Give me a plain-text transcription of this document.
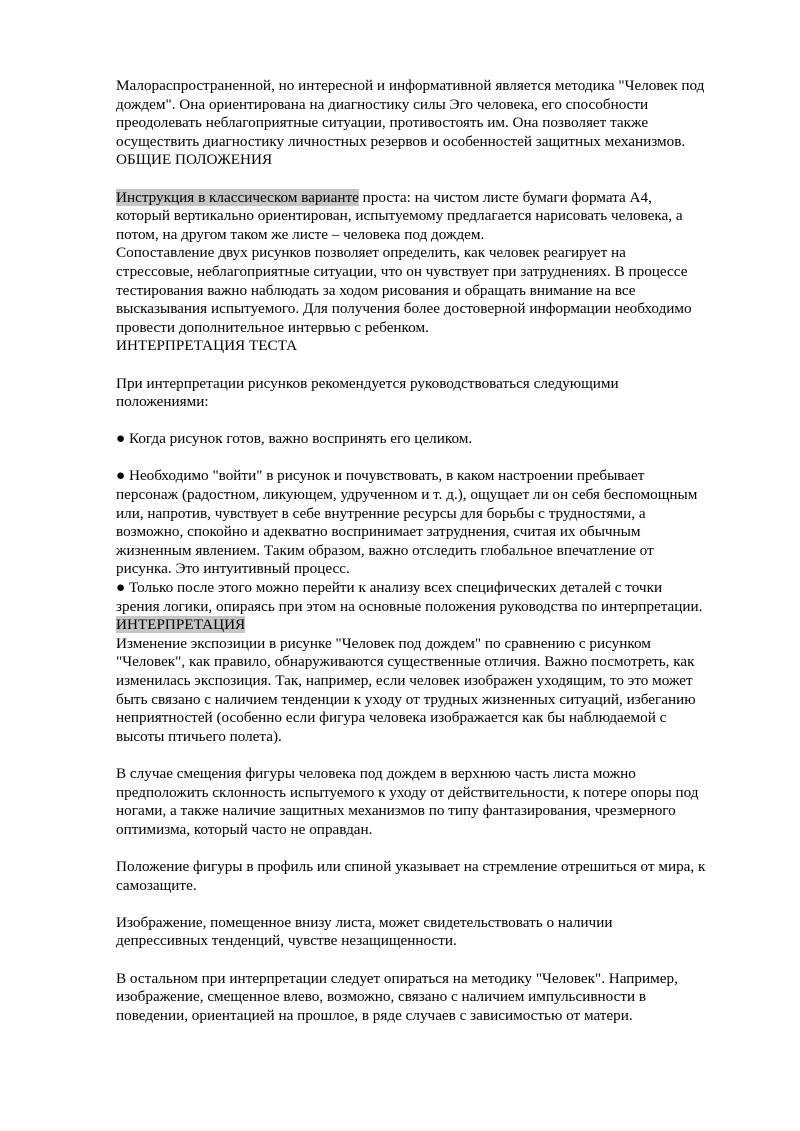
Малораспространенной, но интересной и информативной является методика "Человек под
дождем". Она ориентирована на диагностику силы Эго человека, его способности
преодолевать неблагоприятные ситуации, противостоять им. Она позволяет также
осуществить диагностику личностных резервов и особенностей защитных механизмов.

ОБЩИЕ ПОЛОЖЕНИЯ

Инструкция в классическом варианте проста: на чистом листе бумаги формата А4,
который вертикально ориентирован, испытуемому предлагается нарисовать человека, а
потом, на другом таком же листе – человека под дождем.

Сопоставление двух рисунков позволяет определить, как человек реагирует на
стрессовые, неблагоприятные ситуации, что он чувствует при затруднениях. В процессе
тестирования важно наблюдать за ходом рисования и обращать внимание на все
высказывания испытуемого. Для получения более достоверной информации необходимо
провести дополнительное интервью с ребенком.

ИНТЕРПРЕТАЦИЯ ТЕСТА

При интерпретации рисунков рекомендуется руководствоваться следующими
положениями:

● Когда рисунок готов, важно воспринять его целиком.

● Необходимо "войти" в рисунок и почувствовать, в каком настроении пребывает
персонаж (радостном, ликующем, удрученном и т. д.), ощущает ли он себя беспомощным
или, напротив, чувствует в себе внутренние ресурсы для борьбы с трудностями, а
возможно, спокойно и адекватно воспринимает затруднения, считая их обычным
жизненным явлением. Таким образом, важно отследить глобальное впечатление от
рисунка. Это интуитивный процесс.

● Только после этого можно перейти к анализу всех специфических деталей с точки
зрения логики, опираясь при этом на основные положения руководства по интерпретации.

ИНТЕРПРЕТАЦИЯ

Изменение экспозиции в рисунке "Человек под дождем" по сравнению с рисунком
"Человек", как правило, обнаруживаются существенные отличия. Важно посмотреть, как
изменилась экспозиция. Так, например, если человек изображен уходящим, то это может
быть связано с наличием тенденции к уходу от трудных жизненных ситуаций, избеганию
неприятностей (особенно если фигура человека изображается как бы наблюдаемой с
высоты птичьего полета).

В случае смещения фигуры человека под дождем в верхнюю часть листа можно
предположить склонность испытуемого к уходу от действительности, к потере опоры под
ногами, а также наличие защитных механизмов по типу фантазирования, чрезмерного
оптимизма, который часто не оправдан.

Положение фигуры в профиль или спиной указывает на стремление отрешиться от мира, к
самозащите.

Изображение, помещенное внизу листа, может свидетельствовать о наличии
депрессивных тенденций, чувстве незащищенности.

В остальном при интерпретации следует опираться на методику "Человек". Например,
изображение, смещенное влево, возможно, связано с наличием импульсивности в
поведении, ориентацией на прошлое, в ряде случаев с зависимостью от матери.
